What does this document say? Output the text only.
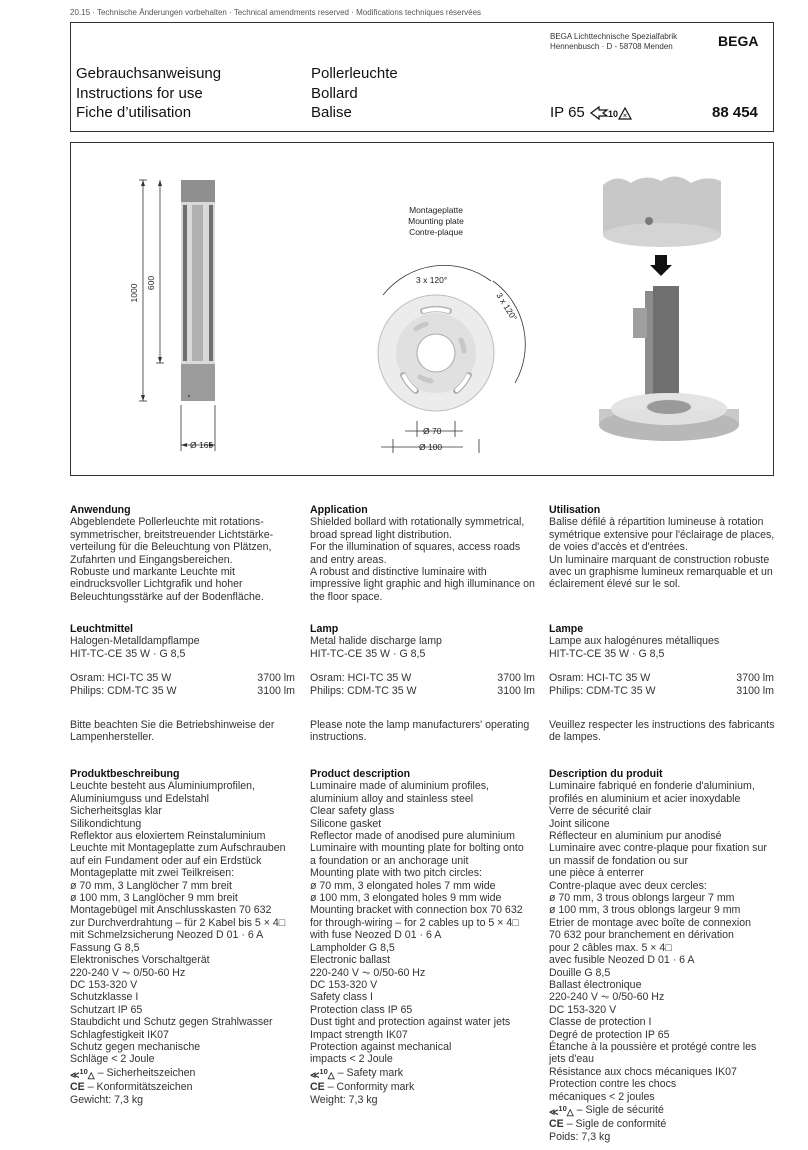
20.15 · Technische Änderungen vorbehalten · Technical amendments reserved · Modifications techniques réservées
BEGA Lichttechnische Spezialfabrik
Hennenbusch · D - 58708 Menden	BEGA
Gebrauchsanweisung
Instructions for use
Fiche d’utilisation
Pollerleuchte
Bollard
Balise	IP 65	10 ✕	88 454
1000
600
Ø 165
Montageplatte
Mounting plate
Contre-plaque
3 x 120°
3 x 120°
Ø 70
Ø 100
Anwendung
Abgeblendete Pollerleuchte mit rotations-
symmetrischer, breitstreuender Lichtstärke-
verteilung für die Beleuchtung von Plätzen,
Zufahrten und Eingangsbereichen.
Robuste und markante Leuchte mit
eindrucksvoller Lichtgrafik und hoher
Beleuchtungsstärke auf der Bodenfläche.
Application
Shielded bollard with rotationally symmetrical,
broad spread light distribution.
For the illumination of squares, access roads
and entry areas.
A robust and distinctive luminaire with
impressive light graphic and high illuminance on
the floor space.
Utilisation
Balise défilé à répartition lumineuse à rotation
symétrique extensive pour l'éclairage de places,
de voies d'accès et d'entrées.
Un luminaire marquant de construction robuste
avec un graphisme lumineux remarquable et un
éclairement élevé sur le sol.
Leuchtmittel
Halogen-Metalldampflampe
HIT-TC-CE 35 W · G 8,5
Osram: HCI-TC 35 W	3700 lm
Philips: CDM-TC 35 W	3100 lm
Lamp
Metal halide discharge lamp
HIT-TC-CE 35 W · G 8,5
Osram: HCI-TC 35 W	3700 lm
Philips: CDM-TC 35 W	3100 lm
Lampe
Lampe aux halogénures métalliques
HIT-TC-CE 35 W · G 8,5
Osram: HCI-TC 35 W	3700 lm
Philips: CDM-TC 35 W	3100 lm
Bitte beachten Sie die Betriebshinweise der
Lampenhersteller.
Please note the lamp manufacturers' operating
instructions.
Veuillez respecter les instructions des fabricants
de lampes.
Produktbeschreibung
Leuchte besteht aus Aluminiumprofilen,
Aluminiumguss und Edelstahl
Sicherheitsglas klar
Silikondichtung
Reflektor aus eloxiertem Reinstaluminium
Leuchte mit Montageplatte zum Aufschrauben
auf ein Fundament oder auf ein Erdstück
Montageplatte mit zwei Teilkreisen:
ø 70 mm, 3 Langlöcher 7 mm breit
ø 100 mm, 3 Langlöcher 9 mm breit
Montagebügel mit Anschlusskasten 70 632
zur Durchverdrahtung – für 2 Kabel bis 5 × 4□
mit Schmelzsicherung Neozed D 01 · 6 A
Fassung G 8,5
Elektronisches Vorschaltgerät
220-240 V ⏦ 0/50-60 Hz
DC 153-320 V
Schutzklasse I
Schutzart IP 65
Staubdicht und Schutz gegen Strahlwasser
Schlagfestigkeit IK07
Schutz gegen mechanische
Schläge < 2 Joule
≪$^{10}$△ – Sicherheitszeichen
CE – Konformitätszeichen
Gewicht: 7,3 kg
Product description
Luminaire made of aluminium profiles,
aluminium alloy and stainless steel
Clear safety glass
Silicone gasket
Reflector made of anodised pure aluminium
Luminaire with mounting plate for bolting onto
a foundation or an anchorage unit
Mounting plate with two pitch circles:
ø 70 mm, 3 elongated holes 7 mm wide
ø 100 mm, 3 elongated holes 9 mm wide
Mounting bracket with connection box 70 632
for through-wiring – for 2 cables up to 5 × 4□
with fuse Neozed D 01 · 6 A
Lampholder G 8,5
Electronic ballast
220-240 V ⏦ 0/50-60 Hz
DC 153-320 V
Safety class I
Protection class IP 65
Dust tight and protection against water jets
Impact strength IK07
Protection against mechanical
impacts < 2 Joule
≪$^{10}$△ – Safety mark
CE – Conformity mark
Weight: 7,3 kg
Description du produit
Luminaire fabriqué en fonderie d'aluminium,
profilés en aluminium et acier inoxydable
Verre de sécurité clair
Joint silicone
Réflecteur en aluminium pur anodisé
Luminaire avec contre-plaque pour fixation sur
un massif de fondation ou sur
une pièce à enterrer
Contre-plaque avec deux cercles:
ø 70 mm, 3 trous oblongs largeur 7 mm
ø 100 mm, 3 trous oblongs largeur 9 mm
Etrier de montage avec boîte de connexion
70 632 pour branchement en dérivation
pour 2 câbles max. 5 × 4□
avec fusible Neozed D 01 · 6 A
Douille G 8,5
Ballast électronique
220-240 V ⏦ 0/50-60 Hz
DC 153-320 V
Classe de protection I
Degré de protection IP 65
Étanche à la poussière et protégé contre les
jets d'eau
Résistance aux chocs mécaniques IK07
Protection contre les chocs
mécaniques < 2 joules
≪$^{10}$△ – Sigle de sécurité
CE – Sigle de conformité
Poids: 7,3 kg
